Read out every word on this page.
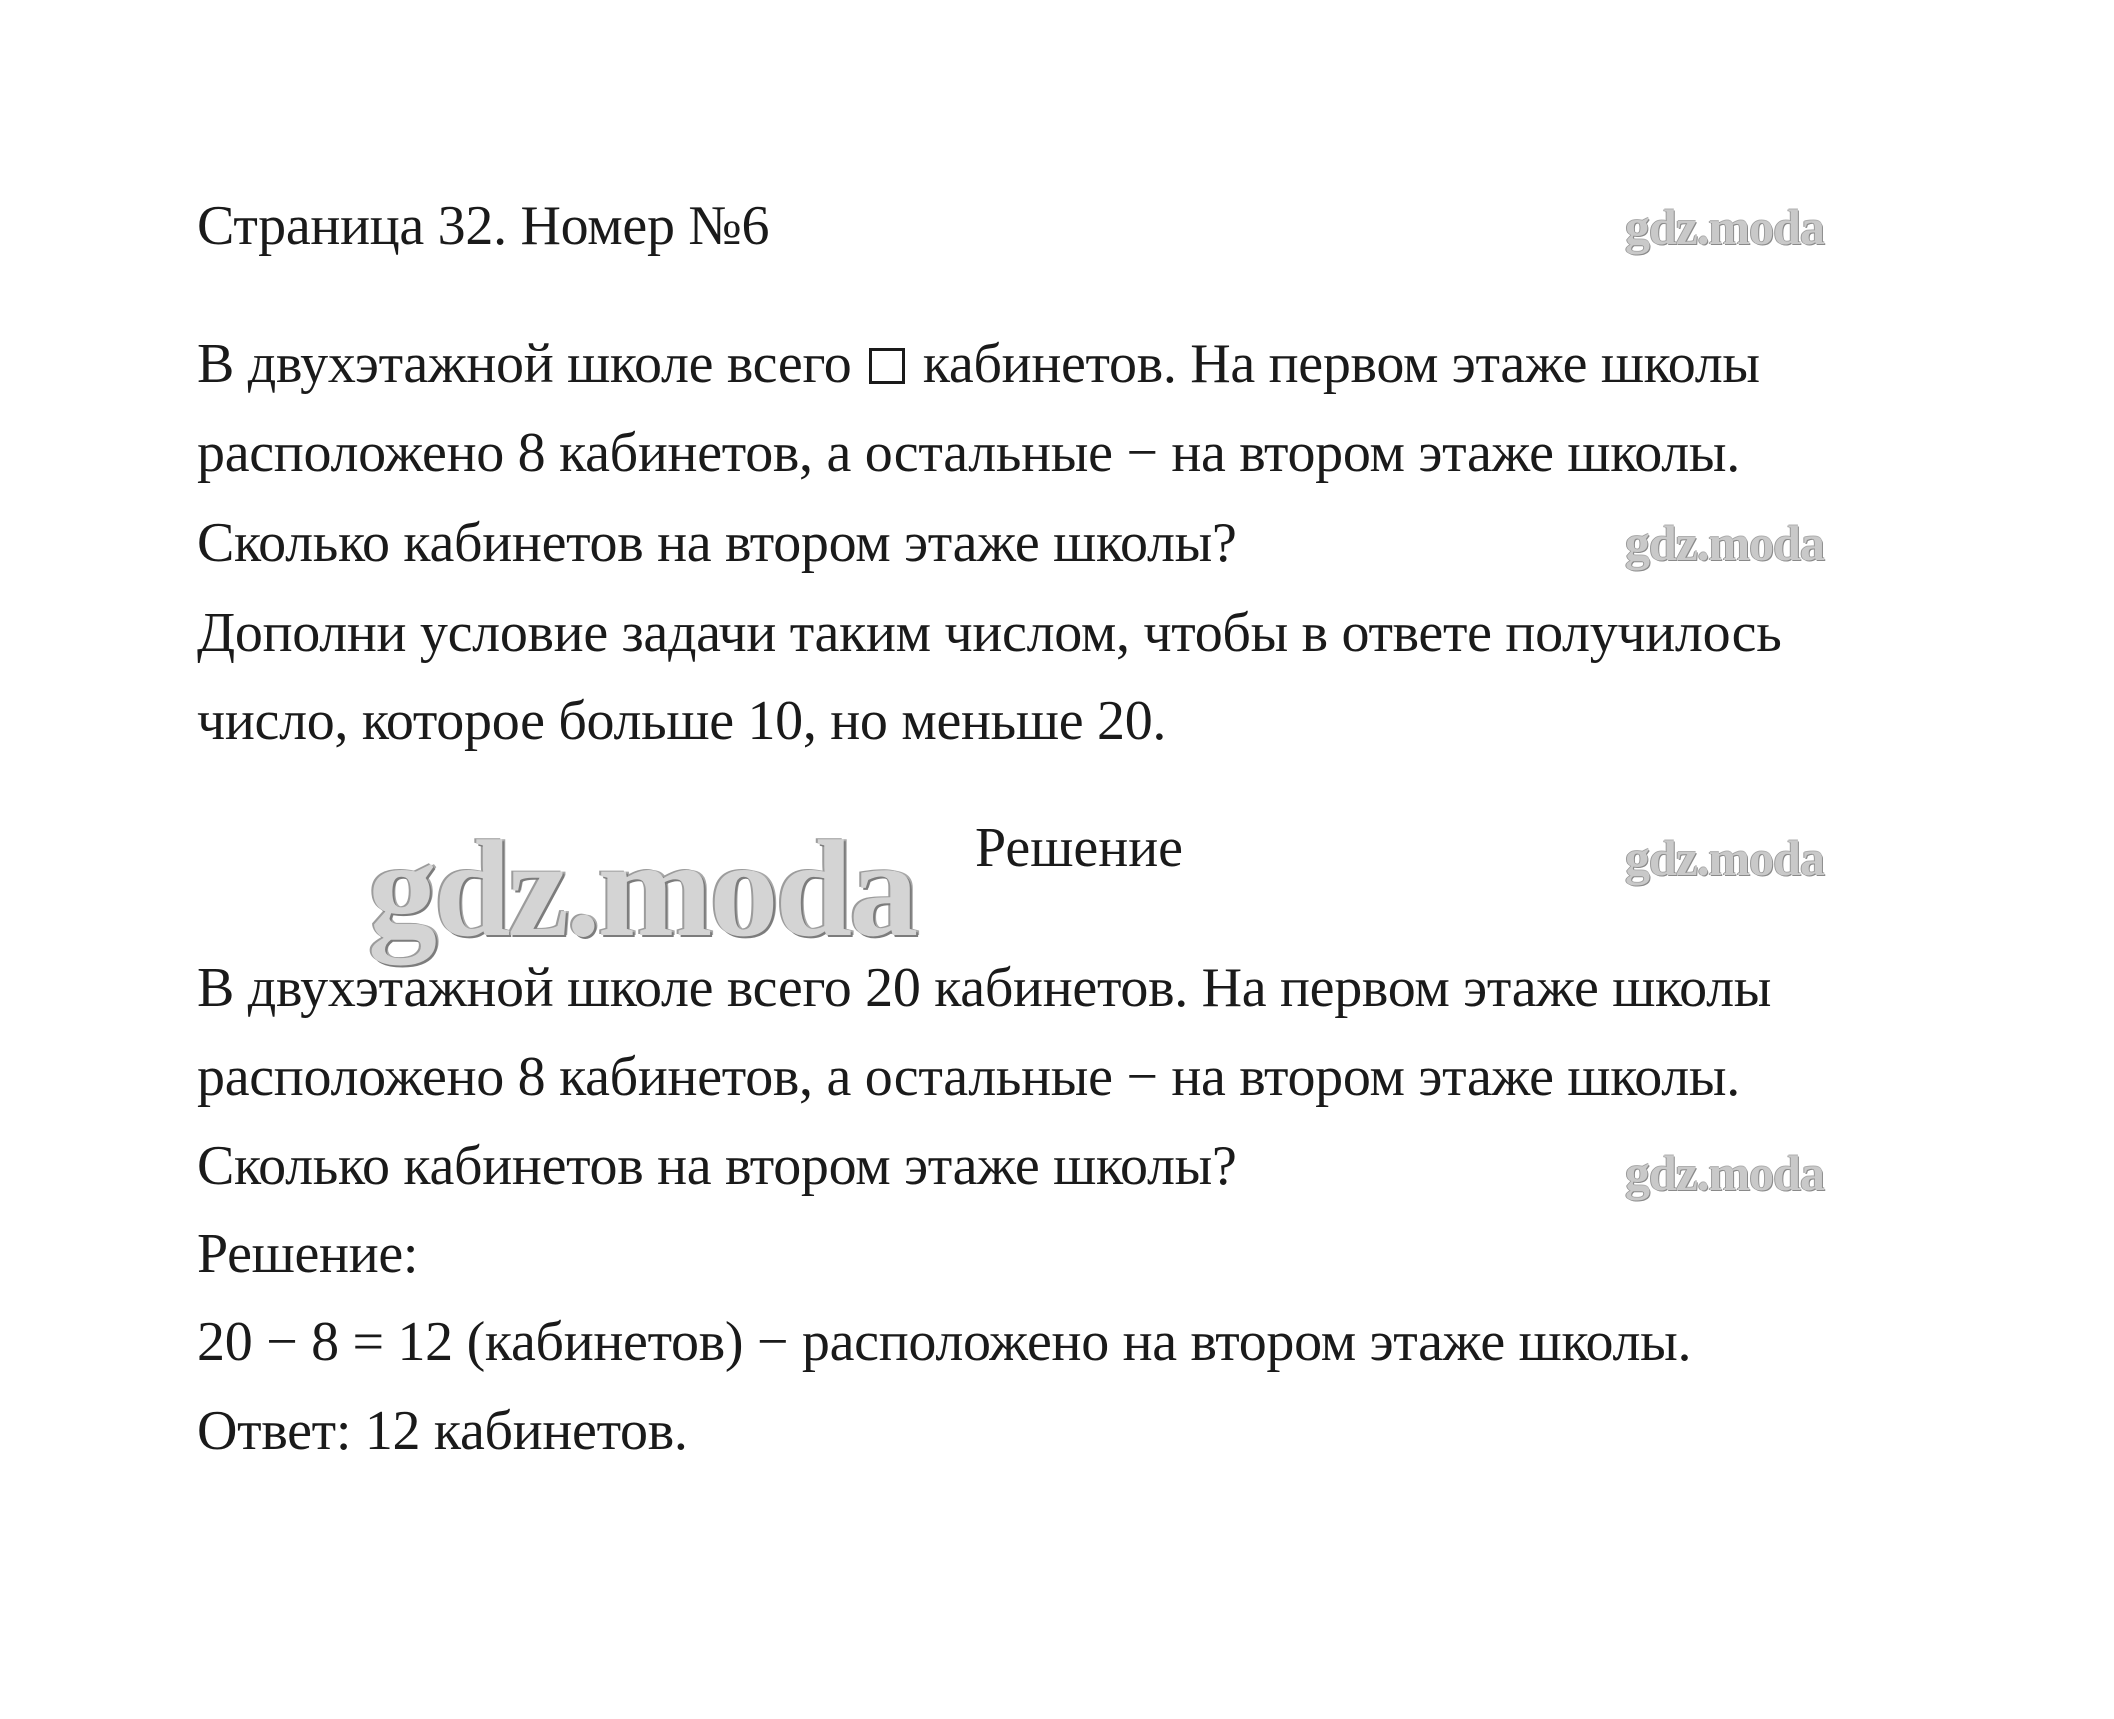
Страница 32. Номер №6	gdz.moda
В двухэтажной школе всего кабинетов. На первом этаже школы
расположено 8 кабинетов, а остальные − на втором этаже школы.
Сколько кабинетов на втором этаже школы?
Дополни условие задачи таким числом, чтобы в ответе получилось
число, которое больше 10, но меньше 20.
gdz.moda
gdz.moda Решение	gdz.moda
В двухэтажной школе всего 20 кабинетов. На первом этаже школы
расположено 8 кабинетов, а остальные − на втором этаже школы.
Сколько кабинетов на втором этаже школы?
Решение:
20 − 8 = 12 (кабинетов) − расположено на втором этаже школы.
Ответ: 12 кабинетов.
gdz.moda
